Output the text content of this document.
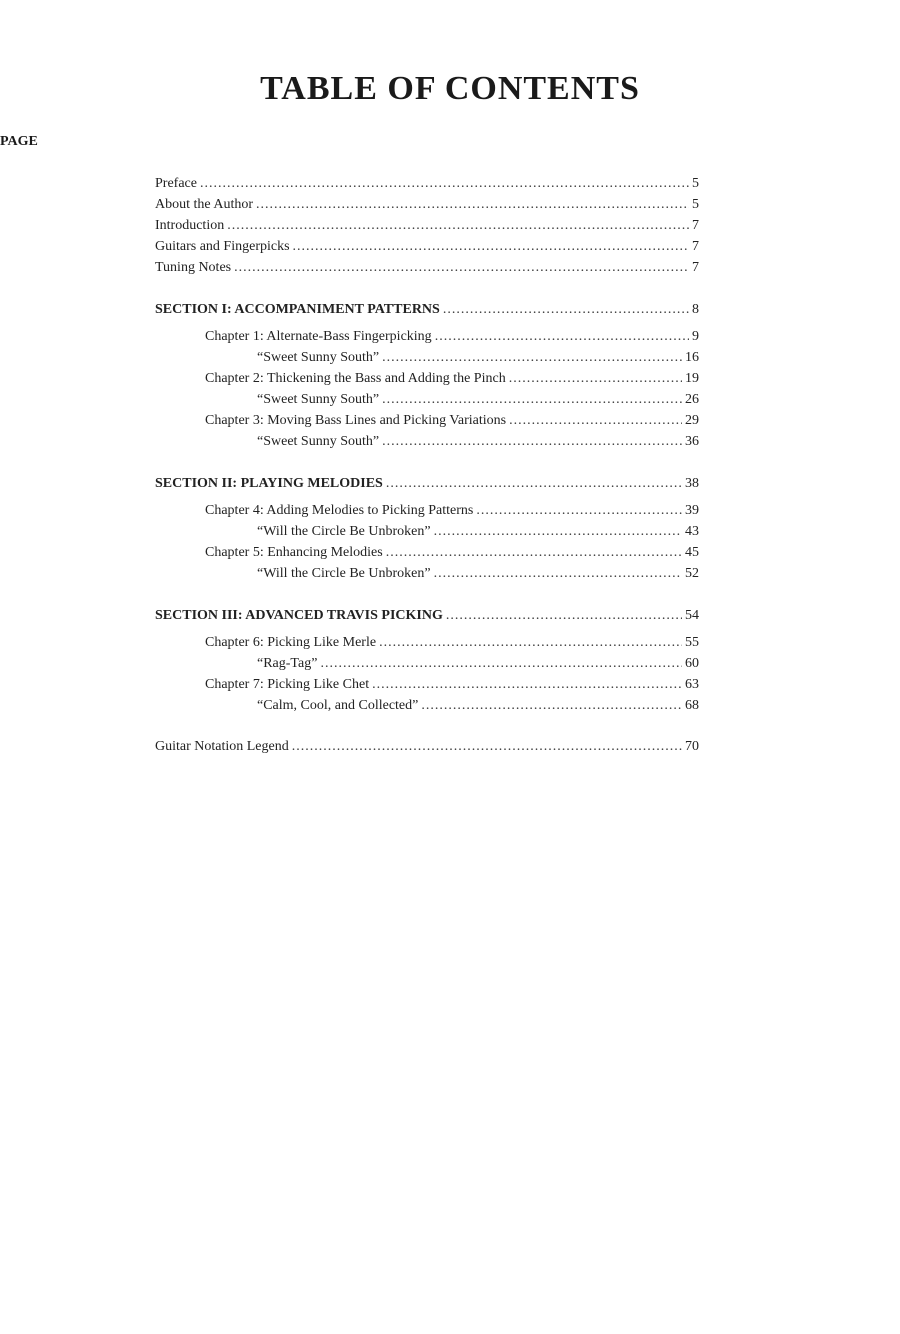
TABLE OF CONTENTS
PAGE
Preface .....	5
About the Author .....	5
Introduction .....	7
Guitars and Fingerpicks .....	7
Tuning Notes .....	7
SECTION I: ACCOMPANIMENT PATTERNS .....	8
Chapter 1: Alternate-Bass Fingerpicking .....	9
“Sweet Sunny South” .....	16
Chapter 2: Thickening the Bass and Adding the Pinch .....	19
“Sweet Sunny South” .....	26
Chapter 3: Moving Bass Lines and Picking Variations .....	29
“Sweet Sunny South” .....	36
SECTION II: PLAYING MELODIES .....	38
Chapter 4: Adding Melodies to Picking Patterns .....	39
“Will the Circle Be Unbroken” .....	43
Chapter 5: Enhancing Melodies .....	45
“Will the Circle Be Unbroken” .....	52
SECTION III: ADVANCED TRAVIS PICKING .....	54
Chapter 6: Picking Like Merle .....	55
“Rag-Tag” .....	60
Chapter 7: Picking Like Chet .....	63
“Calm, Cool, and Collected” .....	68
Guitar Notation Legend .....	70
